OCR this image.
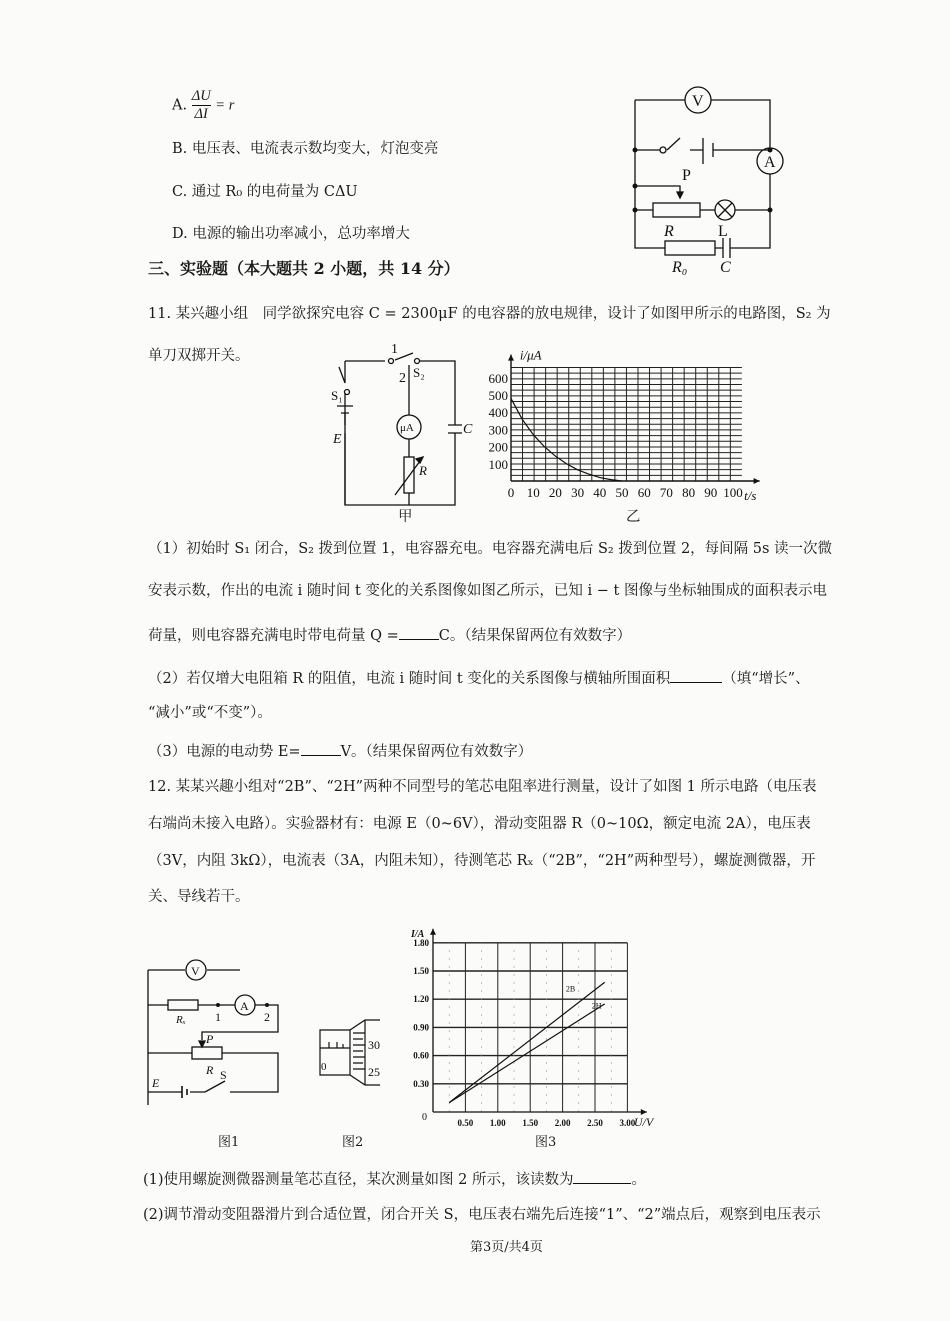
A. $\frac{\Delta U}{\Delta I} = r$
B. 电压表、电流表示数均变大，灯泡变亮
C. 通过 R₀ 的电荷量为 CΔU
D. 电源的输出功率减小，总功率增大
V
A
P
R	L
R₀ C
三、实验题（本大题共 2 小题，共 14 分）
11. 某兴趣小组　同学欲探究电容 C = 2300μF 的电容器的放电规律，设计了如图甲所示的电路图，S₂ 为
单刀双掷开关。	1
2 S₂
S₁
E
μA	C
R
甲
0 10 20 30 40 50 60 70 80 90 100
100
200
300
400
500
600
t/s
i/μA
乙
（1）初始时 S₁ 闭合，S₂ 拨到位置 1，电容器充电。电容器充满电后 S₂ 拨到位置 2，每间隔 5s 读一次微
安表示数，作出的电流 i 随时间 t 变化的关系图像如图乙所示，已知 i − t 图像与坐标轴围成的面积表示电
荷量，则电容器充满电时带电荷量 Q =	C。（结果保留两位有效数字）
（2）若仅增大电阻箱 R 的阻值，电流 i 随时间 t 变化的关系图像与横轴所围面积	（填“增长”、
“减小”或“不变”）。
（3）电源的电动势 E=	V。（结果保留两位有效数字）
12. 某某兴趣小组对“2B”、“2H”两种不同型号的笔芯电阻率进行测量，设计了如图 1 所示电路（电压表
右端尚未接入电路）。实验器材有：电源 E（0~6V），滑动变阻器 R（0~10Ω，额定电流 2A），电压表
（3V，内阻 3kΩ），电流表（3A，内阻未知），待测笔芯 Rₓ（“2B”，“2H”两种型号），螺旋测微器，开
关、导线若干。
V
A
Rₓ 1	2
P
R
E
S
图1
30
25
0
图2
0.50 1.00 1.50 2.00 2.50 3.00
0.30
0.60
0.90
1.20
1.50
1.80
0	U/V
I/A
2B
2H
图3
(1)使用螺旋测微器测量笔芯直径，某次测量如图 2 所示，该读数为	。
(2)调节滑动变阻器滑片到合适位置，闭合开关 S，电压表右端先后连接“1”、“2”端点后，观察到电压表示
第3页/共4页
